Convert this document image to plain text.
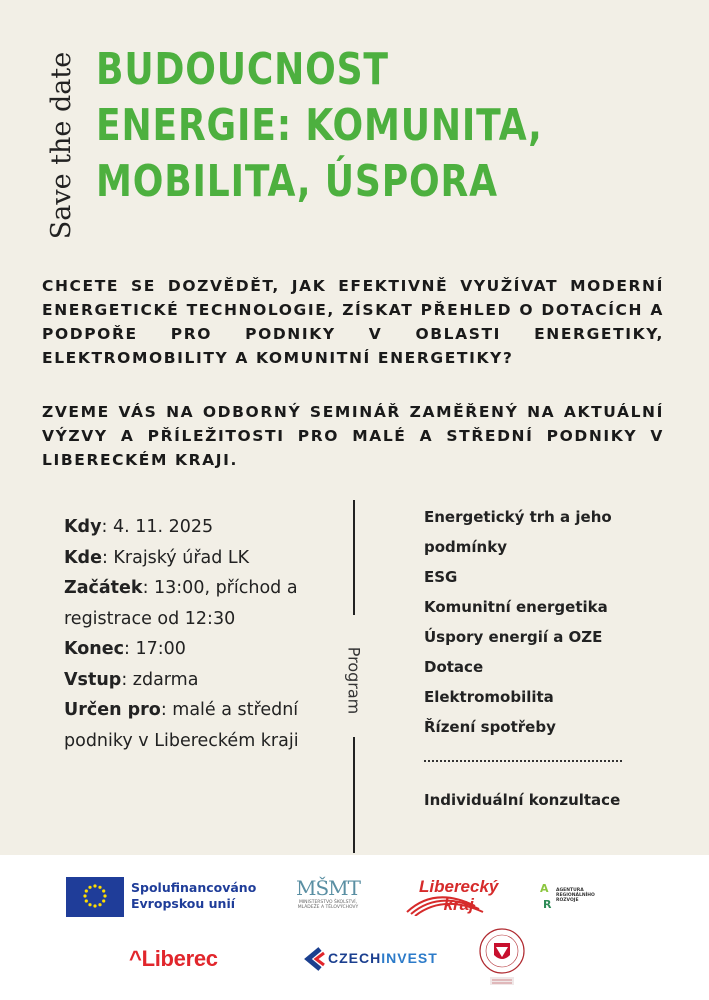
Save the date BUDOUCNOST
ENERGIE: KOMUNITA,
MOBILITA, ÚSPORA

CHCETE SE DOZVĚDĚT, JAK EFEKTIVNĚ VYUŽÍVAT MODERNÍ ENERGETICKÉ TECHNOLOGIE, ZÍSKAT PŘEHLED O DOTACÍCH A PODPOŘE PRO PODNIKY V OBLASTI ENERGETIKY, ELEKTROMOBILITY A KOMUNITNÍ ENERGETIKY?

ZVEME VÁS NA ODBORNÝ SEMINÁŘ ZAMĚŘENÝ NA AKTUÁLNÍ VÝZVY A PŘÍLEŽITOSTI PRO MALÉ A STŘEDNÍ PODNIKY V LIBERECKÉM KRAJI.

Kdy: 4. 11. 2025
Kde: Krajský úřad LK
Začátek: 13:00, příchod a registrace od 12:30
Konec: 17:00
Vstup: zdarma
Určen pro: malé a střední podniky v Libereckém kraji
Program
Energetický trh a jeho podmínky
ESG
Komunitní energetika
Úspory energií a OZE
Dotace
Elektromobilita
Řízení spotřeby
Individuální konzultace
Spolufinancováno
Evropskou unií
MŠMT
MINISTERSTVO ŠKOLSTVÍ,
MLÁDEŽE A TĚLOVÝCHOVY
Liberecký
kraj
A
R
AGENTURA
REGIONÁLNÍHO
ROZVOJE
^Liberec	CZECHINVEST
